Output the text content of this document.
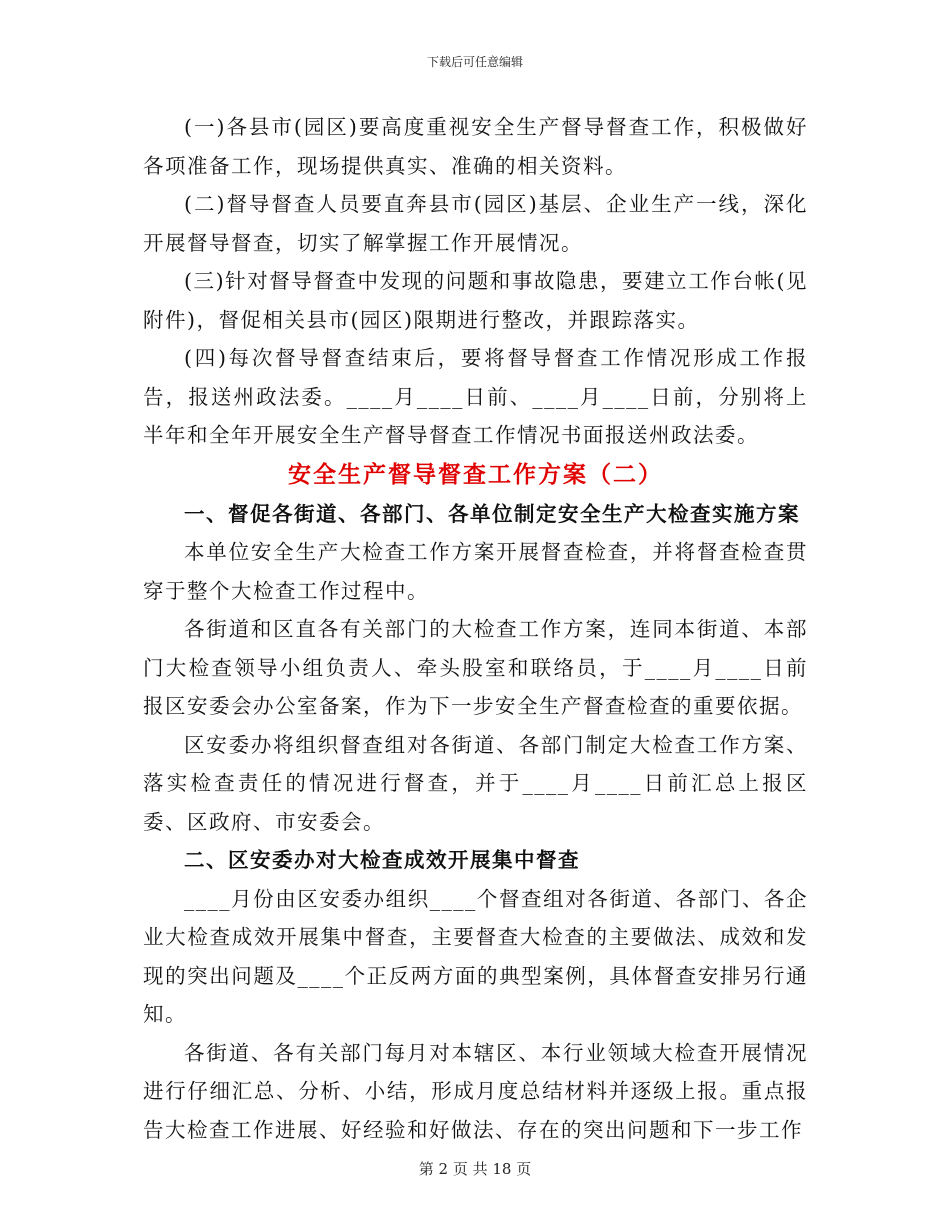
下载后可任意编辑

(一)各县市(园区)要高度重视安全生产督导督查工作，积极做好各项准备工作，现场提供真实、准确的相关资料。

(二)督导督查人员要直奔县市(园区)基层、企业生产一线，深化开展督导督查，切实了解掌握工作开展情况。

(三)针对督导督查中发现的问题和事故隐患，要建立工作台帐(见附件)，督促相关县市(园区)限期进行整改，并跟踪落实。

(四)每次督导督查结束后，要将督导督查工作情况形成工作报告，报送州政法委。____月____日前、____月____日前，分别将上半年和全年开展安全生产督导督查工作情况书面报送州政法委。

安全生产督导督查工作方案（二）
一、督促各街道、各部门、各单位制定安全生产大检查实施方案

本单位安全生产大检查工作方案开展督查检查，并将督查检查贯穿于整个大检查工作过程中。

各街道和区直各有关部门的大检查工作方案，连同本街道、本部门大检查领导小组负责人、牵头股室和联络员，于____月____日前报区安委会办公室备案，作为下一步安全生产督查检查的重要依据。

区安委办将组织督查组对各街道、各部门制定大检查工作方案、落实检查责任的情况进行督查，并于____月____日前汇总上报区委、区政府、市安委会。

二、区安委办对大检查成效开展集中督查

____月份由区安委办组织____个督查组对各街道、各部门、各企业大检查成效开展集中督查，主要督查大检查的主要做法、成效和发现的突出问题及____个正反两方面的典型案例，具体督查安排另行通知。

各街道、各有关部门每月对本辖区、本行业领域大检查开展情况进行仔细汇总、分析、小结，形成月度总结材料并逐级上报。重点报告大检查工作进展、好经验和好做法、存在的突出问题和下一步工作

第 2 页 共 18 页
